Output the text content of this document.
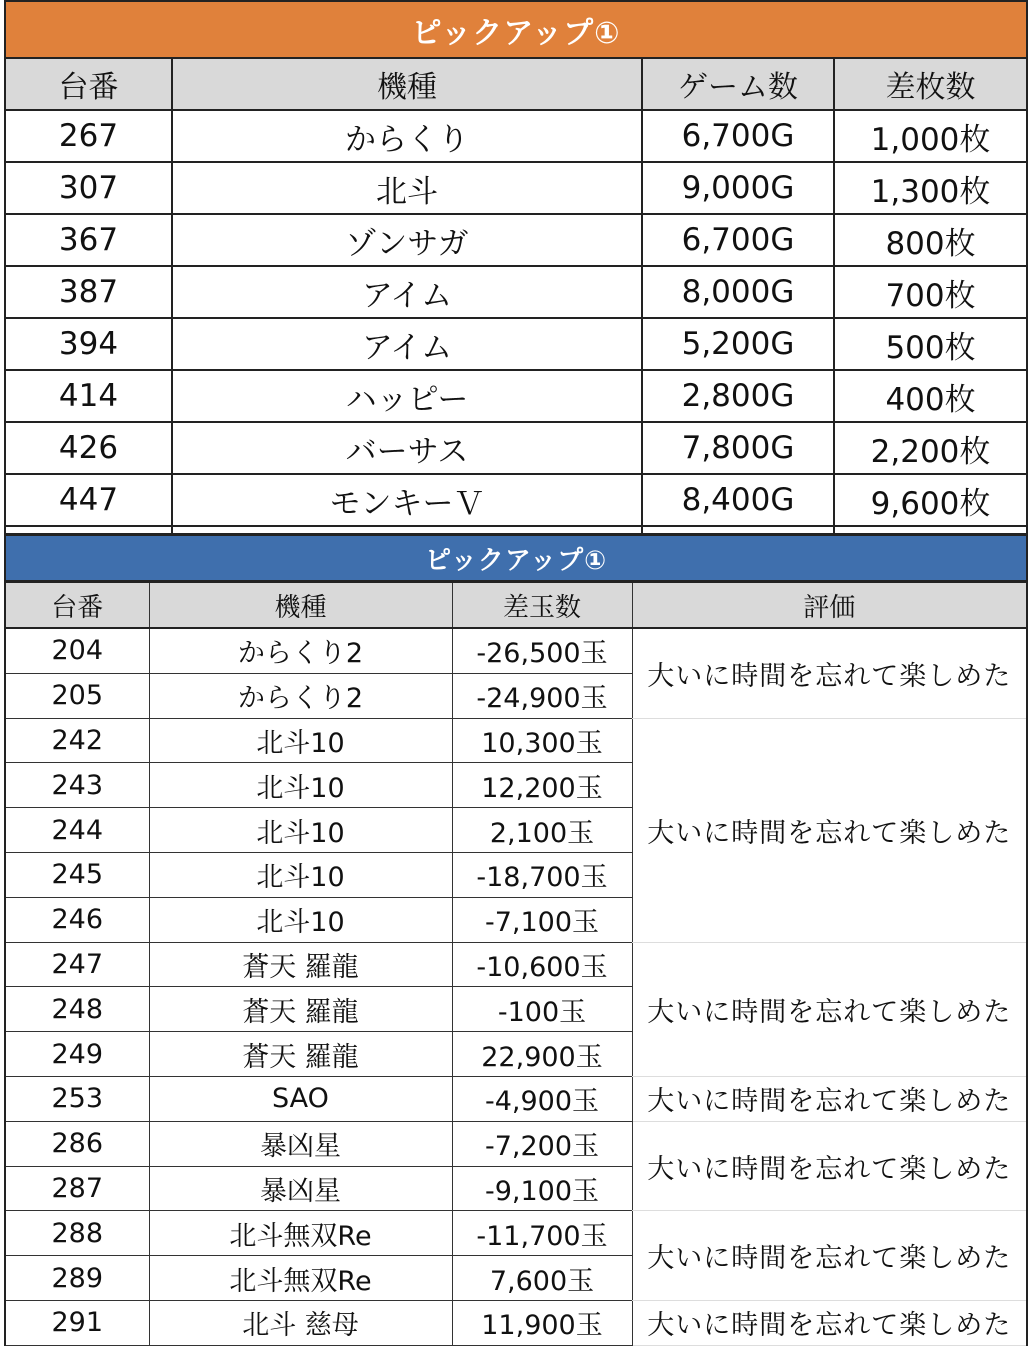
ピックアップ①			
台番	機種	ゲーム数	差枚数
267	からくり	6,700G	1,000枚
307	北斗	9,000G	1,300枚
367	ゾンサガ	6,700G	800枚
387	アイム	8,000G	700枚
394	アイム	5,200G	500枚
414	ハッピー	2,800G	400枚
426	バーサス	7,800G	2,200枚
447	モンキーＶ	8,400G	9,600枚

ピックアップ①			
台番	機種	差玉数	評価
204	からくり2	-26,500玉	大いに時間を忘れて楽しめた
205	からくり2	-24,900玉	
242	北斗10	10,300玉	大いに時間を忘れて楽しめた
243	北斗10	12,200玉	
244	北斗10	2,100玉	
245	北斗10	-18,700玉	
246	北斗10	-7,100玉	
247	蒼天 羅龍	-10,600玉	大いに時間を忘れて楽しめた
248	蒼天 羅龍	-100玉	
249	蒼天 羅龍	22,900玉	
253	SAO	-4,900玉	大いに時間を忘れて楽しめた
286	暴凶星	-7,200玉	大いに時間を忘れて楽しめた
287	暴凶星	-9,100玉	
288	北斗無双Re	-11,700玉	大いに時間を忘れて楽しめた
289	北斗無双Re	7,600玉	
291	北斗 慈母	11,900玉	大いに時間を忘れて楽しめた
